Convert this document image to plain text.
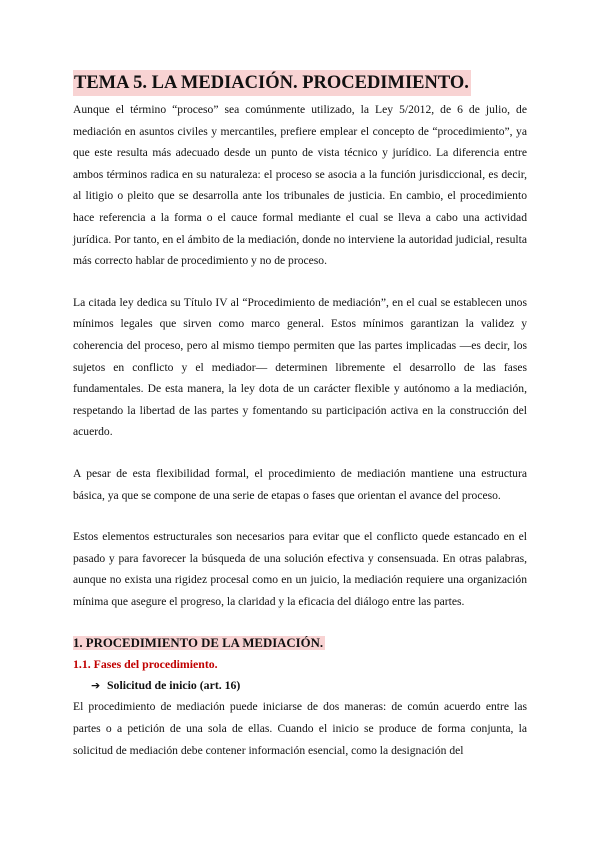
TEMA 5. LA MEDIACIÓN. PROCEDIMIENTO.

Aunque el término “proceso” sea comúnmente utilizado, la Ley 5/2012, de 6 de julio, de mediación en asuntos civiles y mercantiles, prefiere emplear el concepto de “procedimiento”, ya que este resulta más adecuado desde un punto de vista técnico y jurídico. La diferencia entre ambos términos radica en su naturaleza: el proceso se asocia a la función jurisdiccional, es decir, al litigio o pleito que se desarrolla ante los tribunales de justicia. En cambio, el procedimiento hace referencia a la forma o el cauce formal mediante el cual se lleva a cabo una actividad jurídica. Por tanto, en el ámbito de la mediación, donde no interviene la autoridad judicial, resulta más correcto hablar de procedimiento y no de proceso.

La citada ley dedica su Título IV al “Procedimiento de mediación”, en el cual se establecen unos mínimos legales que sirven como marco general. Estos mínimos garantizan la validez y coherencia del proceso, pero al mismo tiempo permiten que las partes implicadas —es decir, los sujetos en conflicto y el mediador— determinen libremente el desarrollo de las fases fundamentales. De esta manera, la ley dota de un carácter flexible y autónomo a la mediación, respetando la libertad de las partes y fomentando su participación activa en la construcción del acuerdo.

A pesar de esta flexibilidad formal, el procedimiento de mediación mantiene una estructura básica, ya que se compone de una serie de etapas o fases que orientan el avance del proceso.

Estos elementos estructurales son necesarios para evitar que el conflicto quede estancado en el pasado y para favorecer la búsqueda de una solución efectiva y consensuada. En otras palabras, aunque no exista una rigidez procesal como en un juicio, la mediación requiere una organización mínima que asegure el progreso, la claridad y la eficacia del diálogo entre las partes.

1. PROCEDIMIENTO DE LA MEDIACIÓN.
1.1. Fases del procedimiento.
➔ Solicitud de inicio (art. 16)

El procedimiento de mediación puede iniciarse de dos maneras: de común acuerdo entre las partes o a petición de una sola de ellas. Cuando el inicio se produce de forma conjunta, la solicitud de mediación debe contener información esencial, como la designación del
